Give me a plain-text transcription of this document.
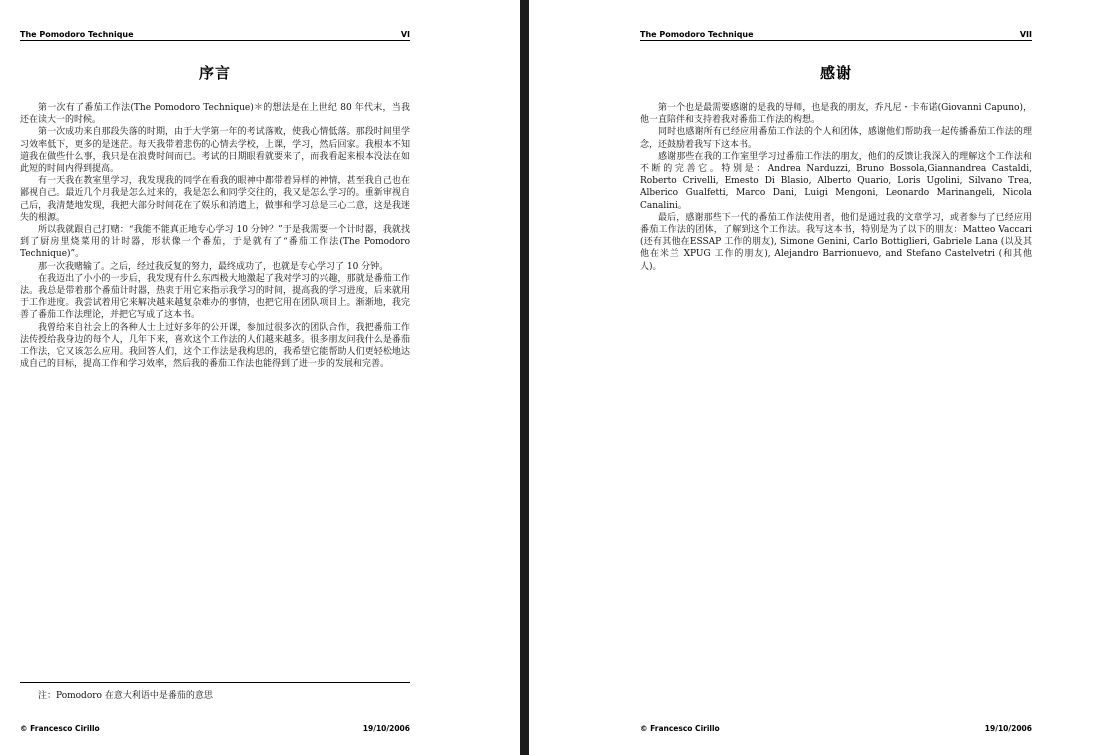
The Pomodoro Technique	VI
序言

第一次有了番茄工作法(The Pomodoro Technique)＊的想法是在上世纪 80 年代末，当我还在读大一的时候。

第一次成功来自那段失落的时期，由于大学第一年的考试落败，使我心情低落。那段时间里学习效率低下，更多的是迷茫。每天我带着悲伤的心情去学校，上课，学习，然后回家。我根本不知道我在做些什么事，我只是在浪费时间而已。考试的日期眼看就要来了，而我看起来根本没法在如此短的时间内得到提高。

有一天我在教室里学习，我发现我的同学在看我的眼神中都带着异样的神情，甚至我自己也在鄙视自己。最近几个月我是怎么过来的，我是怎么和同学交往的，我又是怎么学习的。重新审视自己后，我清楚地发现，我把大部分时间花在了娱乐和消遣上，做事和学习总是三心二意，这是我迷失的根源。

所以我就跟自己打赌：“我能不能真正地专心学习 10 分钟？”于是我需要一个计时器，我就找到了厨房里烧菜用的计时器，形状像一个番茄，于是就有了“番茄工作法(The Pomodoro Technique)”。

那一次我赌输了。之后，经过我反复的努力，最终成功了，也就是专心学习了 10 分钟。

在我迈出了小小的一步后，我发现有什么东西极大地激起了我对学习的兴趣，那就是番茄工作法。我总是带着那个番茄计时器，热衷于用它来指示我学习的时间，提高我的学习进度，后来就用于工作进度。我尝试着用它来解决越来越复杂难办的事情，也把它用在团队项目上。渐渐地，我完善了番茄工作法理论，并把它写成了这本书。

我曾给来自社会上的各种人士上过好多年的公开课，参加过很多次的团队合作，我把番茄工作法传授给我身边的每个人，几年下来，喜欢这个工作法的人们越来越多。很多朋友问我什么是番茄工作法，它又该怎么应用。我回答人们，这个工作法是我构思的，我希望它能帮助人们更轻松地达成自己的目标，提高工作和学习效率，然后我的番茄工作法也能得到了进一步的发展和完善。

注：Pomodoro 在意大利语中是番茄的意思
© Francesco Cirillo	19/10/2006
The Pomodoro Technique	VII
感谢

第一个也是最需要感谢的是我的导师，也是我的朋友，乔凡尼・卡布诺(Giovanni Capuno)，他一直陪伴和支持着我对番茄工作法的构想。

同时也感谢所有已经应用番茄工作法的个人和团体，感谢他们帮助我一起传播番茄工作法的理念，还鼓励着我写下这本书。

感谢那些在我的工作室里学习过番茄工作法的朋友，他们的反馈让我深入的理解这个工作法和不断的完善它。特别是：Andrea Narduzzi, Bruno Bossola,Giannandrea Castaldi, Roberto Crivelli, Emesto Di Blasio, Alberto Quario, Loris Ugolini, Silvano Trea, Alberico Gualfetti, Marco Dani, Luigi Mengoni, Leonardo Marinangeli, Nicola Canalini。

最后，感谢那些下一代的番茄工作法使用者，他们是通过我的文章学习，或者参与了已经应用番茄工作法的团体，了解到这个工作法。我写这本书，特别是为了以下的朋友：Matteo Vaccari (还有其他在ESSAP 工作的朋友), Simone Genini, Carlo Bottiglieri, Gabriele Lana (以及其他在米兰 XPUG 工作的朋友), Alejandro Barrionuevo, and Stefano Castelvetri (和其他人)。

© Francesco Cirillo	19/10/2006
